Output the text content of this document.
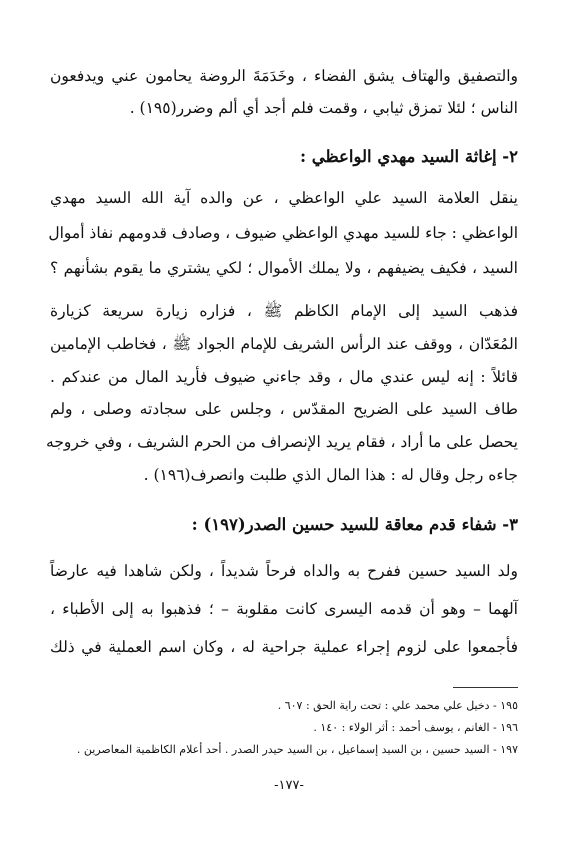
والتصفيق والهتاف يشق الفضاء ، وخَدَمَةَ الروضة يحامون عني ويدفعون
الناس ؛ لئلا تمزق ثيابي ، وقمت فلم أجد أي ألم وضرر(١٩٥) .
٢- إغاثة السيد مهدي الواعظي :
ينقل العلامة السيد علي الواعظي ، عن والده آية الله السيد مهدي
الواعظي : جاء للسيد مهدي الواعظي ضيوف ، وصادف قدومهم نفاذ أموال
السيد ، فكيف يضيفهم ، ولا يملك الأموال ؛ لكي يشتري ما يقوم بشأنهم ؟
فذهب السيد إلى الإمام الكاظم ﷺ ، فزاره زيارة سريعة كزيارة
المُعَدّان ، ووقف عند الرأس الشريف للإمام الجواد ﷺ ، فخاطب الإمامين
قائلاً : إنه ليس عندي مال ، وقد جاءني ضيوف فأريد المال من عندكم .
طاف السيد على الضريح المقدّس ، وجلس على سجادته وصلى ، ولم
يحصل على ما أراد ، فقام يريد الإنصراف من الحرم الشريف ، وفي خروجه
جاءه رجل وقال له : هذا المال الذي طلبت وانصرف(١٩٦) .
٣- شفاء قدم معاقة للسيد حسين الصدر(١٩٧) :
ولد السيد حسين ففرح به والداه فرحاً شديداً ، ولكن شاهدا فيه عارضاً
آلهما – وهو أن قدمه اليسرى كانت مقلوبة – ؛ فذهبوا به إلى الأطباء ،
فأجمعوا على لزوم إجراء عملية جراحية له ، وكان اسم العملية في ذلك
١٩٥ - دخيل علي محمد علي : تحت راية الحق : ٦٠٧ .
١٩٦ - الغانم ، يوسف أحمد : أثر الولاء : ١٤٠ .
١٩٧ - السيد حسين ، بن السيد إسماعيل ، بن السيد حيدر الصدر . أحد أعلام الكاظمية المعاصرين .
-١٧٧-
